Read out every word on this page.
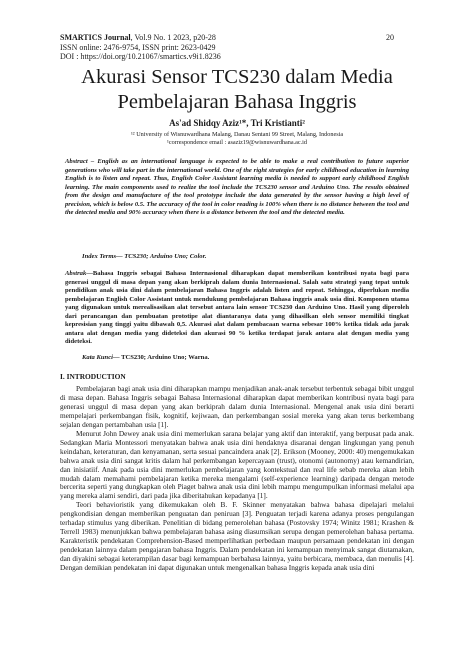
SMARTICS Journal, Vol.9 No. 1 2023, p20-28
ISSN online: 2476-9754, ISSN print: 2623-0429
DOI : https://doi.org/10.21067/smartics.v9i1.8236
20
Akurasi Sensor TCS230 dalam Media Pembelajaran Bahasa Inggris
As'ad Shidqy Aziz¹*, Tri Kristianti²
¹² University of Wisnuwardhana Malang, Danau Sentani 99 Street, Malang, Indonesia
¹correspondence email : asaziz19@wisnuwardhana.ac.id
Abstract – English as an international language is expected to be able to make a real contribution to future superior generations who will take part in the international world. One of the right strategies for early childhood education in learning English is to listen and repeat. Thus, English Color Assistant learning media is needed to support early childhood English learning. The main components used to realize the tool include the TCS230 sensor and Arduino Uno. The results obtained from the design and manufacture of the tool prototype include the data generated by the sensor having a high level of precision, which is below 0.5. The accuracy of the tool in color reading is 100% when there is no distance between the tool and the detected media and 90% accuracy when there is a distance between the tool and the detected media.
Index Terms— TCS230; Arduino Uno; Color.
Abstrak—Bahasa Inggris sebagai Bahasa Internasional diharapkan dapat memberikan kontribusi nyata bagi para generasi unggul di masa depan yang akan berkiprah dalam dunia Internasional. Salah satu strategi yang tepat untuk pendidikan anak usia dini dalam pembelajaran Bahasa Inggris adalah listen and repeat. Sehingga, diperlukan media pembelajaran English Color Assistant untuk mendukung pembelajaran Bahasa inggris anak usia dini. Komponen utama yang digunakan untuk merealisasikan alat tersebut antara lain sensor TCS230 dan Arduino Uno. Hasil yang diperoleh dari perancangan dan pembuatan prototipe alat diantaranya data yang dihasilkan oleh sensor memiliki tingkat kepresisian yang tinggi yaitu dibawah 0,5. Akurasi alat dalam pembacaan warna sebesar 100% ketika tidak ada jarak antara alat dengan media yang dideteksi dan akurasi 90 % ketika terdapat jarak antara alat dengan media yang dideteksi.
Kata Kunci— TCS230; Arduino Uno; Warna.
I. INTRODUCTION

Pembelajaran bagi anak usia dini diharapkan mampu menjadikan anak-anak tersebut terbentuk sebagai bibit unggul di masa depan. Bahasa Inggris sebagai Bahasa Internasional diharapkan dapat memberikan kontribusi nyata bagi para generasi unggul di masa depan yang akan berkiprah dalam dunia Internasional. Mengenal anak usia dini berarti mempelajari perkembangan fisik, kognitif, kejiwaan, dan perkembangan sosial mereka yang akan terus berkembang sejalan dengan pertambahan usia [1].

Menurut John Dewey anak usia dini memerlukan sarana belajar yang aktif dan interaktif, yang berpusat pada anak. Sedangkan Maria Montessori menyatakan bahwa anak usia dini hendaknya disaranai dengan lingkungan yang penuh keindahan, keteraturan, dan kenyamanan, serta sesuai pancaindera anak [2]. Erikson (Mooney, 2000: 40) mengemukakan bahwa anak usia dini sangat kritis dalam hal perkembangan kepercayaan (trust), otonomi (autonomy) atau kemandirian, dan inisiatiif. Anak pada usia dini memerlukan pembelajaran yang kontekstual dan real life sebab mereka akan lebih mudah dalam memahami pembelajaran ketika mereka mengalami (self-experience learning) daripada dengan metode bercerita seperti yang dungkapkan oleh Piaget bahwa anak usia dini lebih mampu mengumpulkan informasi melalui apa yang mereka alami sendiri, dari pada jika diberitahukan kepadanya [1].

Teori behavioristik yang dikemukakan oleh B. F. Skinner menyatakan bahwa bahasa dipelajari melalui pengkondisian dengan memberikan penguatan dan peniruan [3]. Penguatan terjadi karena adanya proses pengulangan terhadap stimulus yang diberikan. Penelitian di bidang pemerolehan bahasa (Postovsky 1974; Winitz 1981; Krashen & Terrell 1983) menunjukkan bahwa pembelajaran bahasa asing diasumsikan serupa dengan pemerolehan bahasa pertama. Karakteristik pendekatan Comprehension-Based memperlihatkan perbedaan maupun persamaan pendekatan ini dengan pendekatan lainnya dalam pengajaran bahasa Inggris. Dalam pendekatan ini kemampuan menyimak sangat diutamakan, dan diyakini sebagai keterampilan dasar bagi kemampuan berbahasa lainnya, yaitu berbicara, membaca, dan menulis [4]. Dengan demikian pendekatan ini dapat digunakan untuk mengenalkan bahasa Inggris kepada anak usia dini
